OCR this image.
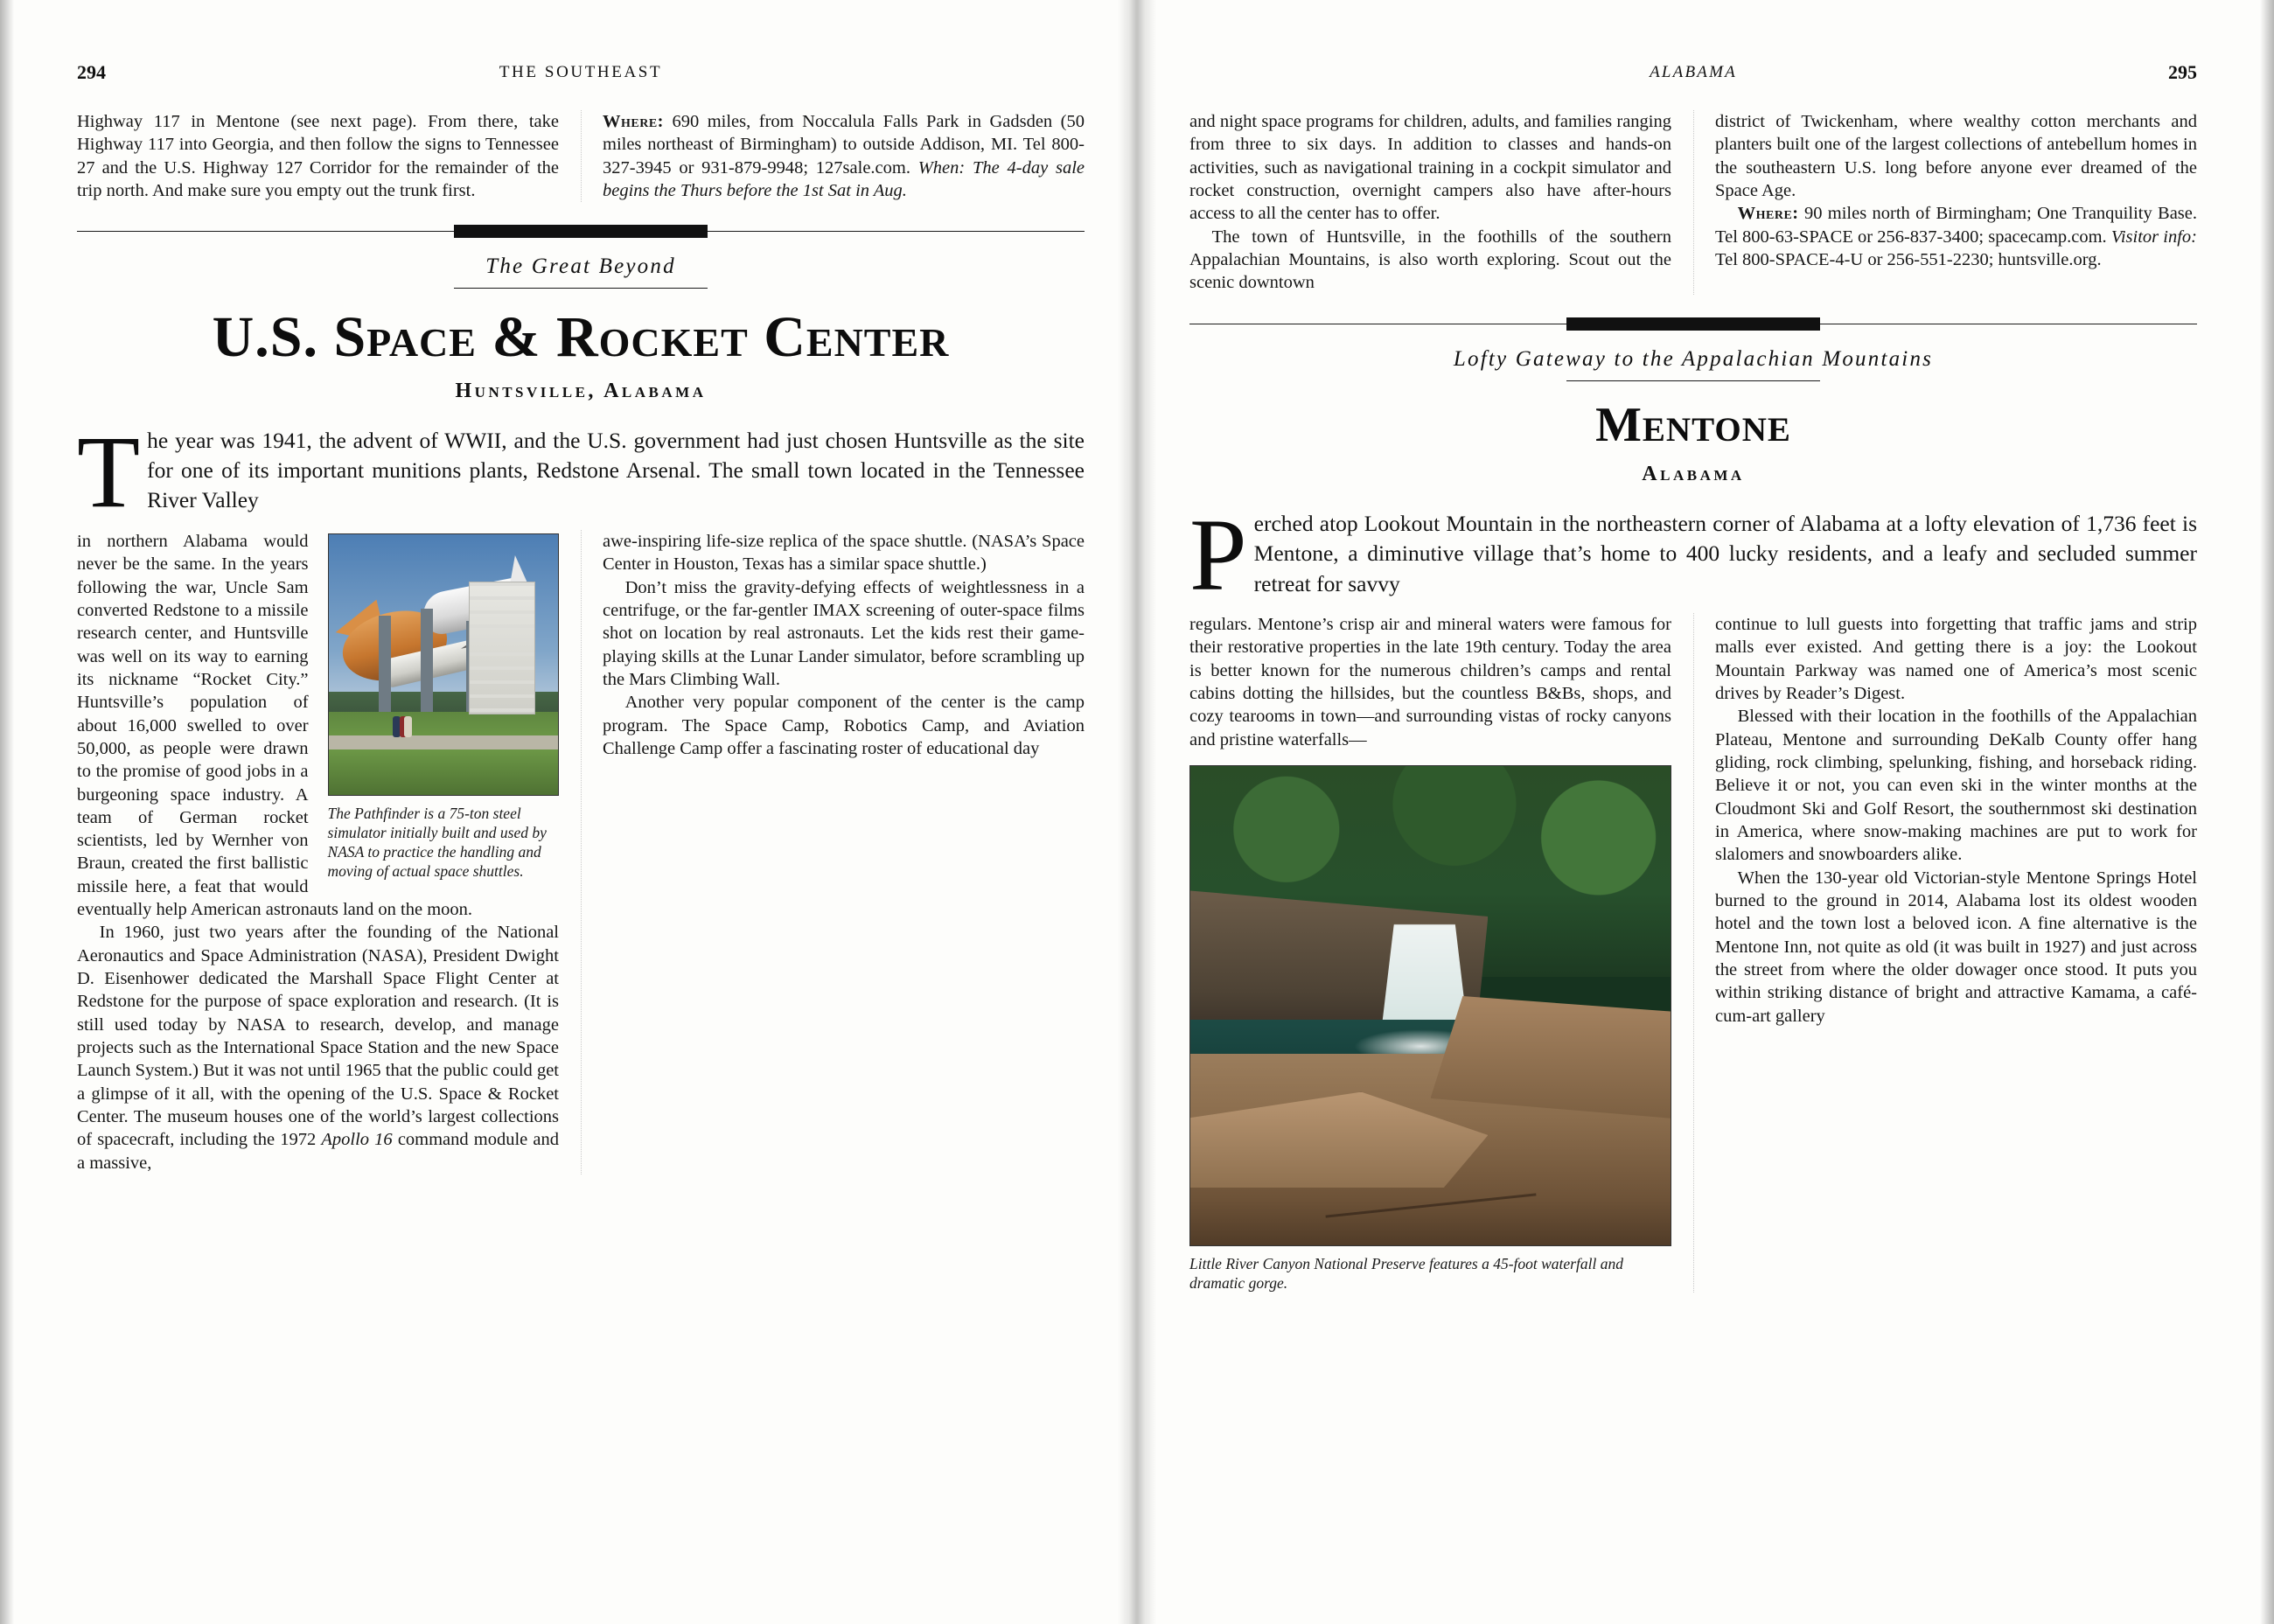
294	THE SOUTHEAST

Highway 117 in Mentone (see next page). From there, take Highway 117 into Georgia, and then follow the signs to Tennessee 27 and the U.S. Highway 127 Corridor for the remainder of the trip north. And make sure you empty out the trunk first.

Where: 690 miles, from Noccalula Falls Park in Gadsden (50 miles northeast of Birmingham) to outside Addison, MI. Tel 800-327-3945 or 931-879-9948; 127sale.com. When: The 4-day sale begins the Thurs before the 1st Sat in Aug.

The Great Beyond
U.S. Space & Rocket Center
Huntsville, Alabama

The year was 1941, the advent of WWII, and the U.S. government had just chosen Huntsville as the site for one of its important munitions plants, Redstone Arsenal. The small town located in the Tennessee River Valley

The Pathfinder is a 75-ton steel simulator initially built and used by NASA to practice the handling and moving of actual space shuttles.

in northern Alabama would never be the same. In the years following the war, Uncle Sam converted Redstone to a missile research center, and Huntsville was well on its way to earning its nickname “Rocket City.” Huntsville’s population of about 16,000 swelled to over 50,000, as people were drawn to the promise of good jobs in a burgeoning space industry. A team of German rocket scientists, led by Wernher von Braun, created the first ballistic missile here, a feat that would eventually help American astronauts land on the moon.

In 1960, just two years after the founding of the National Aeronautics and Space Administration (NASA), President Dwight D. Eisenhower dedicated the Marshall Space Flight Center at Redstone for the purpose of space exploration and research. (It is still used today by NASA to research, develop, and manage projects such as the International Space Station and the new Space Launch System.) But it was not until 1965 that the public could get a glimpse of it all, with the opening of the U.S. Space & Rocket Center. The museum houses one of the world’s largest collections of spacecraft, including the 1972 Apollo 16 command module and a massive,

awe-inspiring life-size replica of the space shuttle. (NASA’s Space Center in Houston, Texas has a similar space shuttle.)

Don’t miss the gravity-defying effects of weightlessness in a centrifuge, or the far-gentler IMAX screening of outer-space films shot on location by real astronauts. Let the kids rest their game-playing skills at the Lunar Lander simulator, before scrambling up the Mars Climbing Wall.

Another very popular component of the center is the camp program. The Space Camp, Robotics Camp, and Aviation Challenge Camp offer a fascinating roster of educational day

ALABAMA	295

and night space programs for children, adults, and families ranging from three to six days. In addition to classes and hands-on activities, such as navigational training in a cockpit simulator and rocket construction, overnight campers also have after-hours access to all the center has to offer.

The town of Huntsville, in the foothills of the southern Appalachian Mountains, is also worth exploring. Scout out the scenic downtown

district of Twickenham, where wealthy cotton merchants and planters built one of the largest collections of antebellum homes in the southeastern U.S. long before anyone ever dreamed of the Space Age.

Where: 90 miles north of Birmingham; One Tranquility Base. Tel 800-63-SPACE or 256-837-3400; spacecamp.com. Visitor info: Tel 800-SPACE-4-U or 256-551-2230; huntsville.org.

Lofty Gateway to the Appalachian Mountains
Mentone
Alabama

Perched atop Lookout Mountain in the northeastern corner of Alabama at a lofty elevation of 1,736 feet is Mentone, a diminutive village that’s home to 400 lucky residents, and a leafy and secluded summer retreat for savvy

regulars. Mentone’s crisp air and mineral waters were famous for their restorative properties in the late 19th century. Today the area is better known for the numerous children’s camps and rental cabins dotting the hillsides, but the countless B&Bs, shops, and cozy tearooms in town—and surrounding vistas of rocky canyons and pristine waterfalls—

Little River Canyon National Preserve features a 45-foot waterfall and dramatic gorge.

continue to lull guests into forgetting that traffic jams and strip malls ever existed. And getting there is a joy: the Lookout Mountain Parkway was named one of America’s most scenic drives by Reader’s Digest.

Blessed with their location in the foothills of the Appalachian Plateau, Mentone and surrounding DeKalb County offer hang gliding, rock climbing, spelunking, fishing, and horseback riding. Believe it or not, you can even ski in the winter months at the Cloudmont Ski and Golf Resort, the southernmost ski destination in America, where snow-making machines are put to work for slalomers and snowboarders alike.

When the 130-year old Victorian-style Mentone Springs Hotel burned to the ground in 2014, Alabama lost its oldest wooden hotel and the town lost a beloved icon. A fine alternative is the Mentone Inn, not quite as old (it was built in 1927) and just across the street from where the older dowager once stood. It puts you within striking distance of bright and attractive Kamama, a café-cum-art gallery
